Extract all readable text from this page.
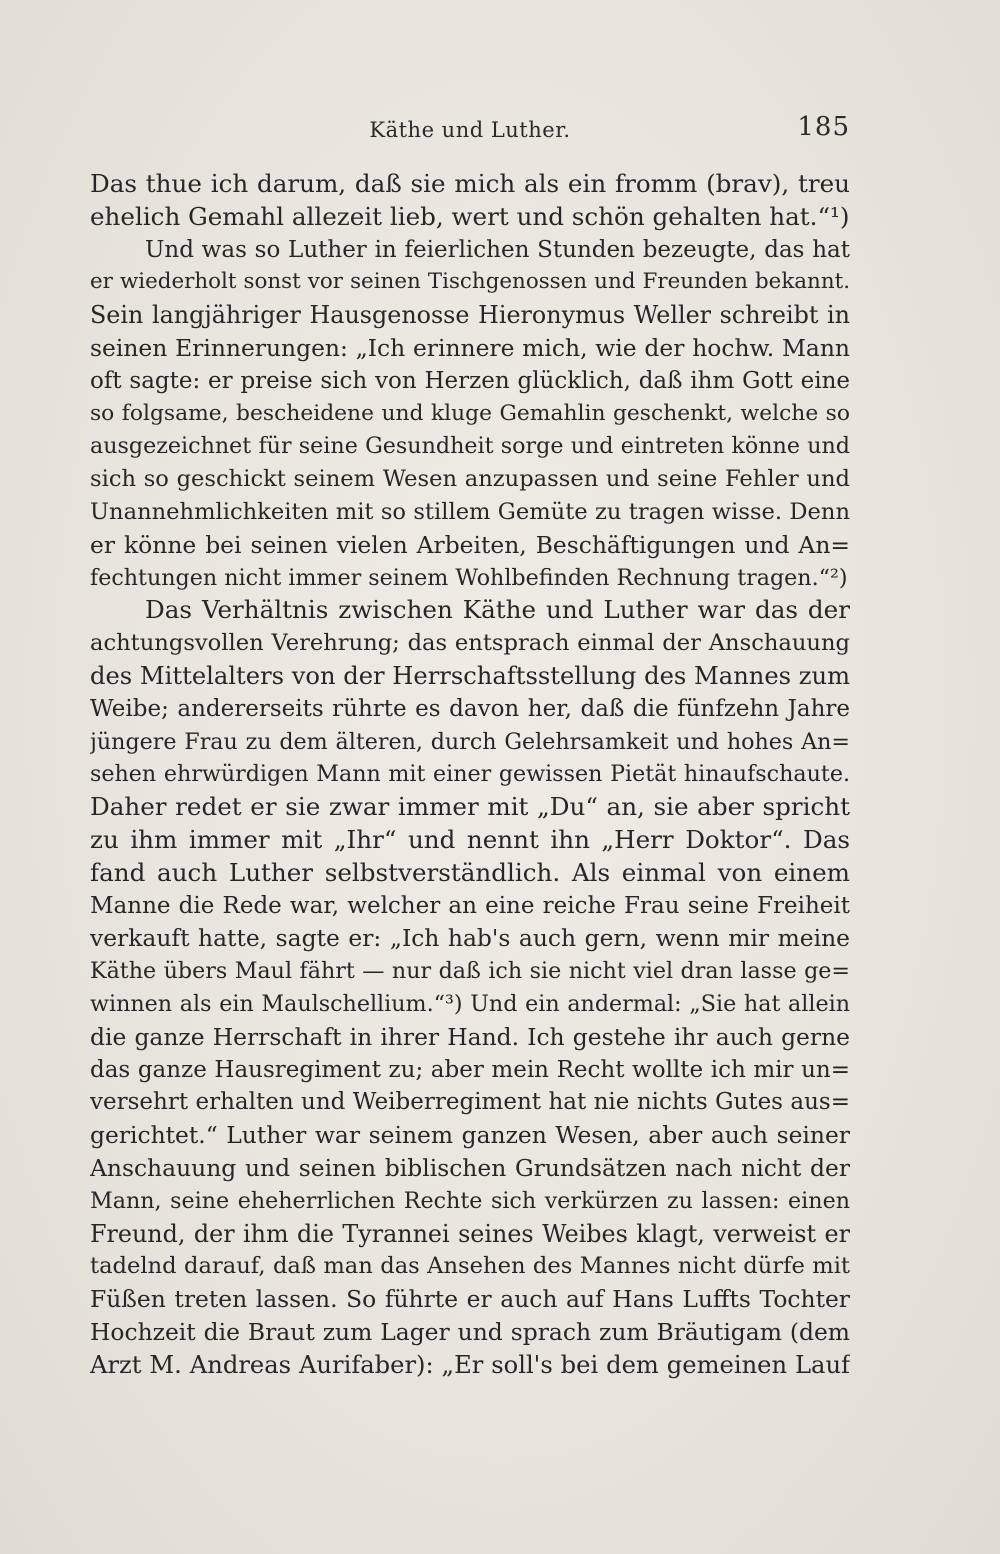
Käthe und Luther.	185
Das thue ich darum, daß sie mich als ein fromm (brav), treu
ehelich Gemahl allezeit lieb, wert und schön gehalten hat.“¹)
Und was so Luther in feierlichen Stunden bezeugte, das hat
er wiederholt sonst vor seinen Tischgenossen und Freunden bekannt.
Sein langjähriger Hausgenosse Hieronymus Weller schreibt in
seinen Erinnerungen: „Ich erinnere mich, wie der hochw. Mann
oft sagte: er preise sich von Herzen glücklich, daß ihm Gott eine
so folgsame, bescheidene und kluge Gemahlin geschenkt, welche so
ausgezeichnet für seine Gesundheit sorge und eintreten könne und
sich so geschickt seinem Wesen anzupassen und seine Fehler und
Unannehmlichkeiten mit so stillem Gemüte zu tragen wisse. Denn
er könne bei seinen vielen Arbeiten, Beschäftigungen und An=
fechtungen nicht immer seinem Wohlbefinden Rechnung tragen.“²)
Das Verhältnis zwischen Käthe und Luther war das der
achtungsvollen Verehrung; das entsprach einmal der Anschauung
des Mittelalters von der Herrschaftsstellung des Mannes zum
Weibe; andererseits rührte es davon her, daß die fünfzehn Jahre
jüngere Frau zu dem älteren, durch Gelehrsamkeit und hohes An=
sehen ehrwürdigen Mann mit einer gewissen Pietät hinaufschaute.
Daher redet er sie zwar immer mit „Du“ an, sie aber spricht
zu ihm immer mit „Ihr“ und nennt ihn „Herr Doktor“. Das
fand auch Luther selbstverständlich. Als einmal von einem
Manne die Rede war, welcher an eine reiche Frau seine Freiheit
verkauft hatte, sagte er: „Ich hab's auch gern, wenn mir meine
Käthe übers Maul fährt — nur daß ich sie nicht viel dran lasse ge=
winnen als ein Maulschellium.“³) Und ein andermal: „Sie hat allein
die ganze Herrschaft in ihrer Hand. Ich gestehe ihr auch gerne
das ganze Hausregiment zu; aber mein Recht wollte ich mir un=
versehrt erhalten und Weiberregiment hat nie nichts Gutes aus=
gerichtet.“ Luther war seinem ganzen Wesen, aber auch seiner
Anschauung und seinen biblischen Grundsätzen nach nicht der
Mann, seine eheherrlichen Rechte sich verkürzen zu lassen: einen
Freund, der ihm die Tyrannei seines Weibes klagt, verweist er
tadelnd darauf, daß man das Ansehen des Mannes nicht dürfe mit
Füßen treten lassen. So führte er auch auf Hans Luffts Tochter
Hochzeit die Braut zum Lager und sprach zum Bräutigam (dem
Arzt M. Andreas Aurifaber): „Er soll's bei dem gemeinen Lauf
